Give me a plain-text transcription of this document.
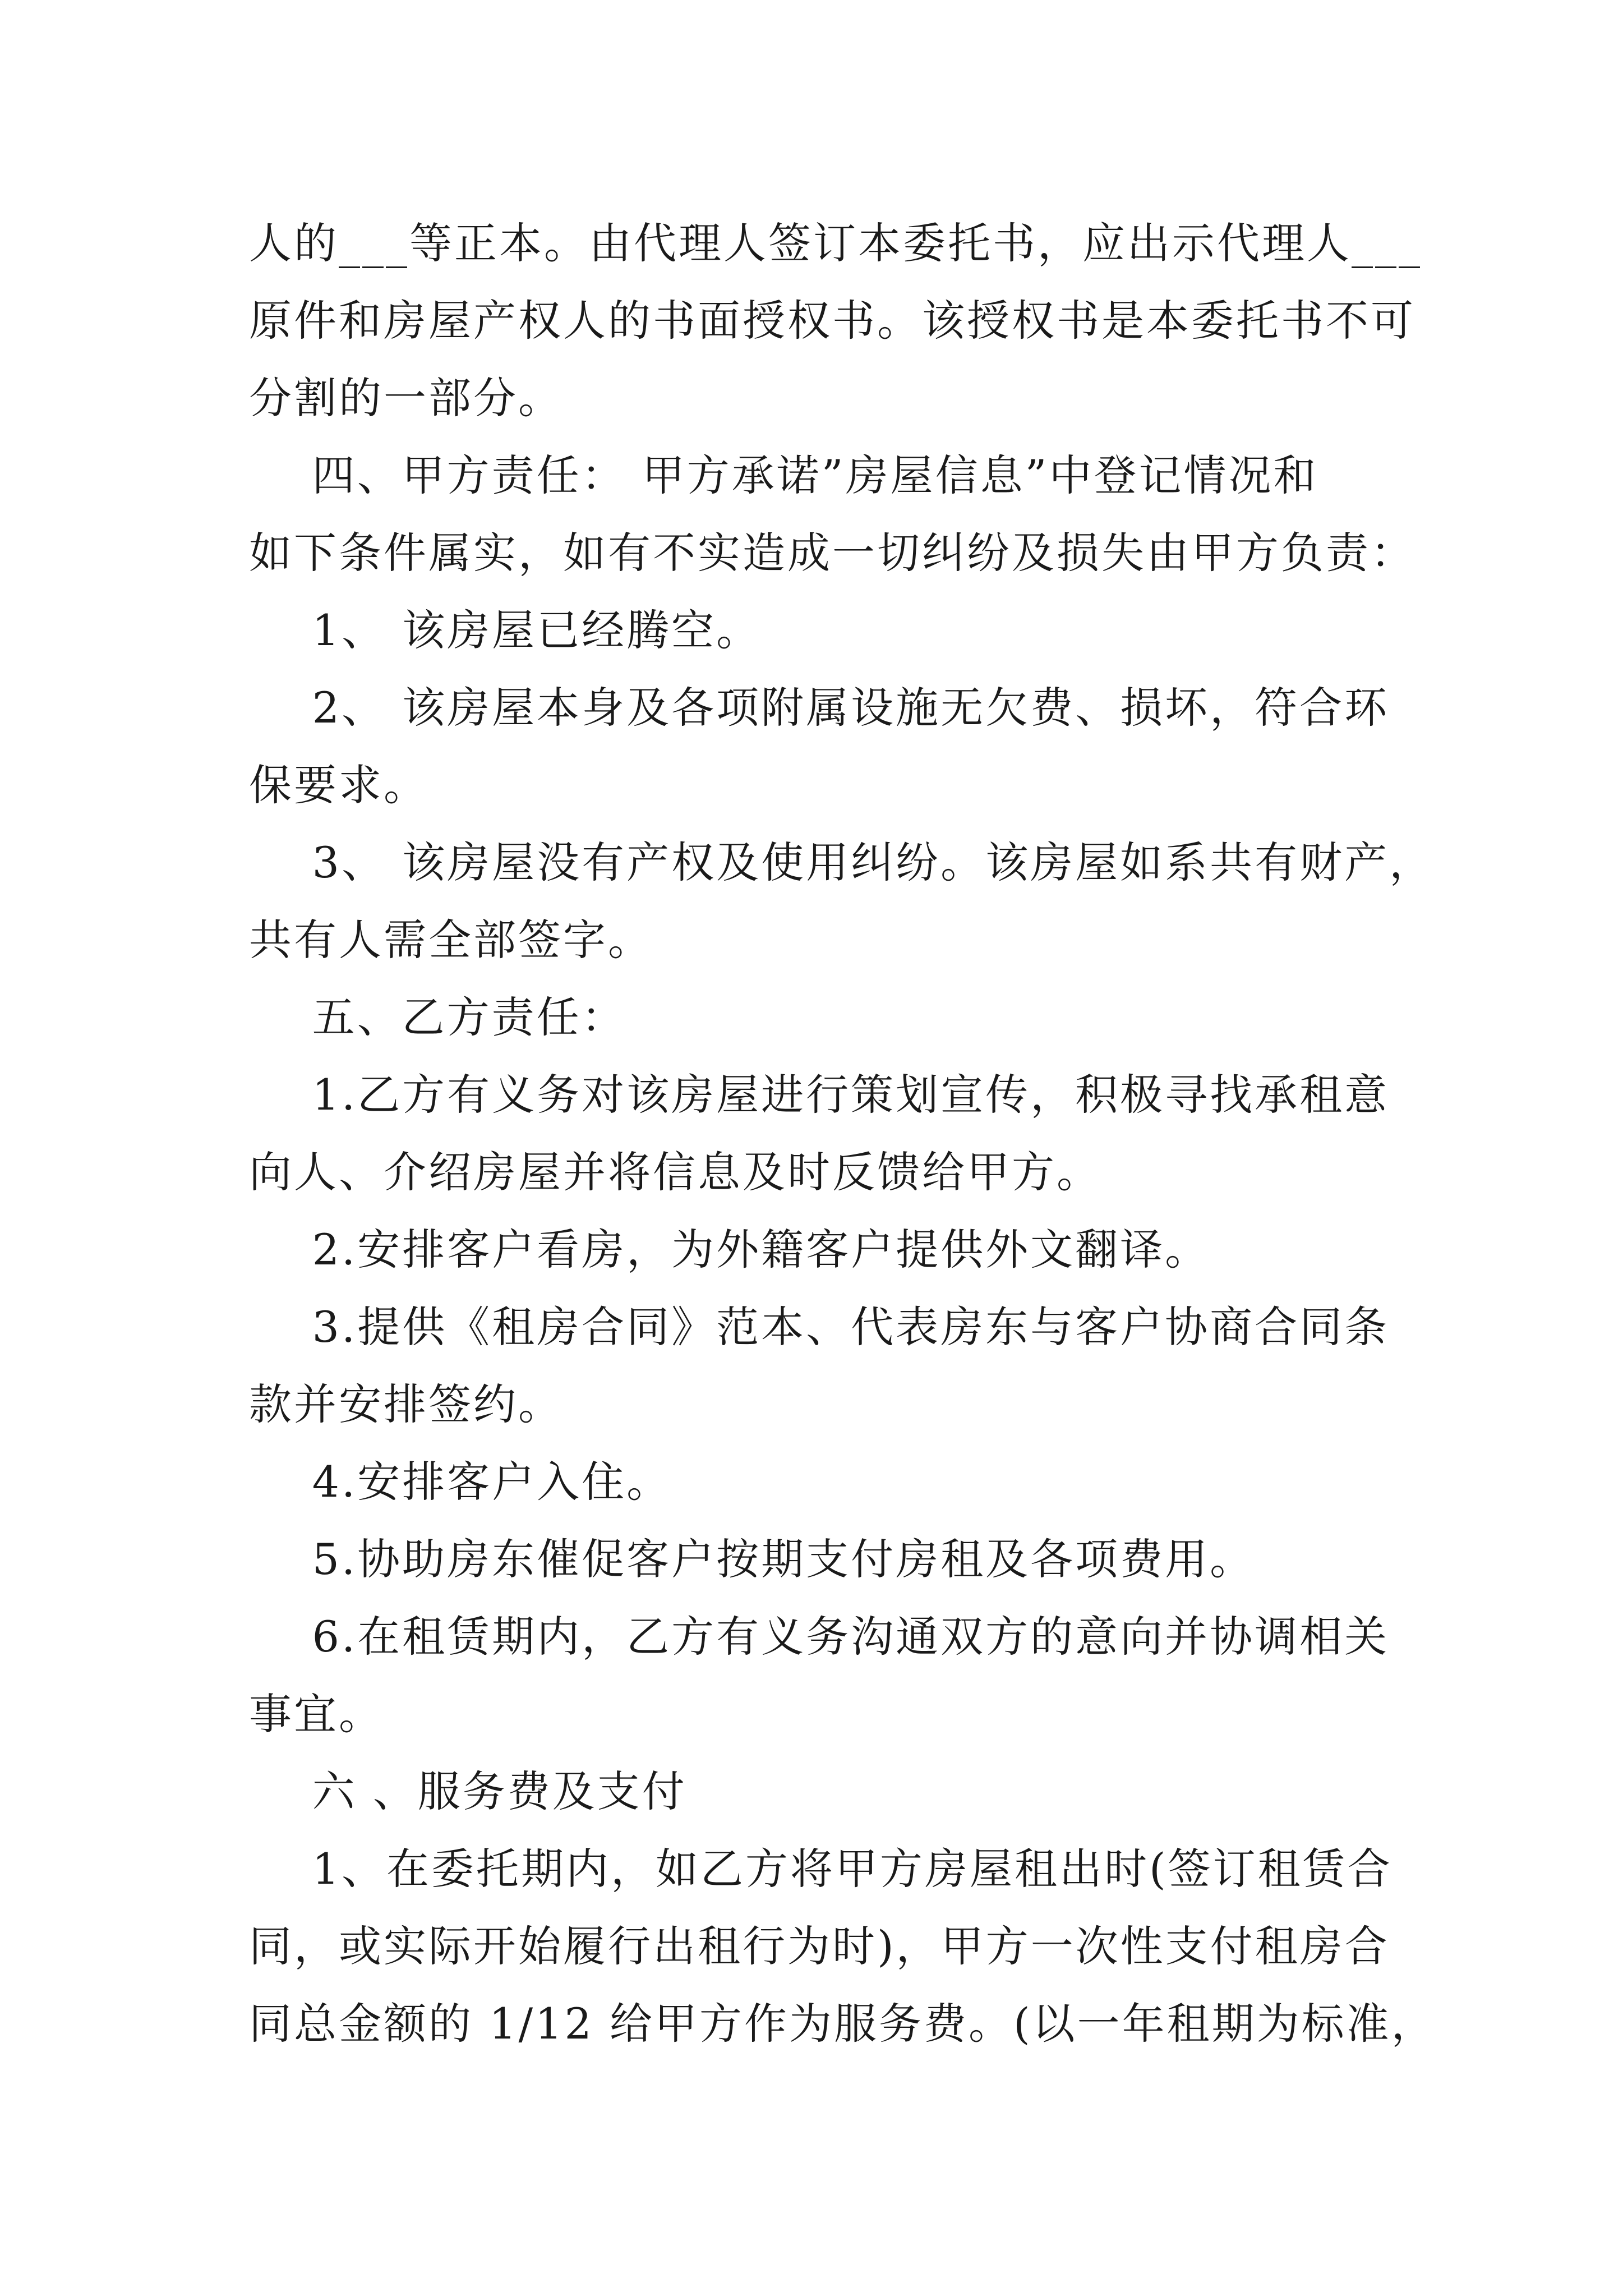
人的___等正本。由代理人签订本委托书，应出示代理人___
原件和房屋产权人的书面授权书。该授权书是本委托书不可
分割的一部分。
四、甲方责任： 甲方承诺”房屋信息”中登记情况和
如下条件属实，如有不实造成一切纠纷及损失由甲方负责：
1、 该房屋已经腾空。
2、 该房屋本身及各项附属设施无欠费、损坏，符合环
保要求。
3、 该房屋没有产权及使用纠纷。该房屋如系共有财产，
共有人需全部签字。
五、乙方责任：
1.乙方有义务对该房屋进行策划宣传，积极寻找承租意
向人、介绍房屋并将信息及时反馈给甲方。
2.安排客户看房，为外籍客户提供外文翻译。
3.提供《租房合同》范本、代表房东与客户协商合同条
款并安排签约。
4.安排客户入住。
5.协助房东催促客户按期支付房租及各项费用。
6.在租赁期内，乙方有义务沟通双方的意向并协调相关
事宜。
六 、服务费及支付
1、在委托期内，如乙方将甲方房屋租出时(签订租赁合
同，或实际开始履行出租行为时)，甲方一次性支付租房合
同总金额的 1/12 给甲方作为服务费。(以一年租期为标准，
